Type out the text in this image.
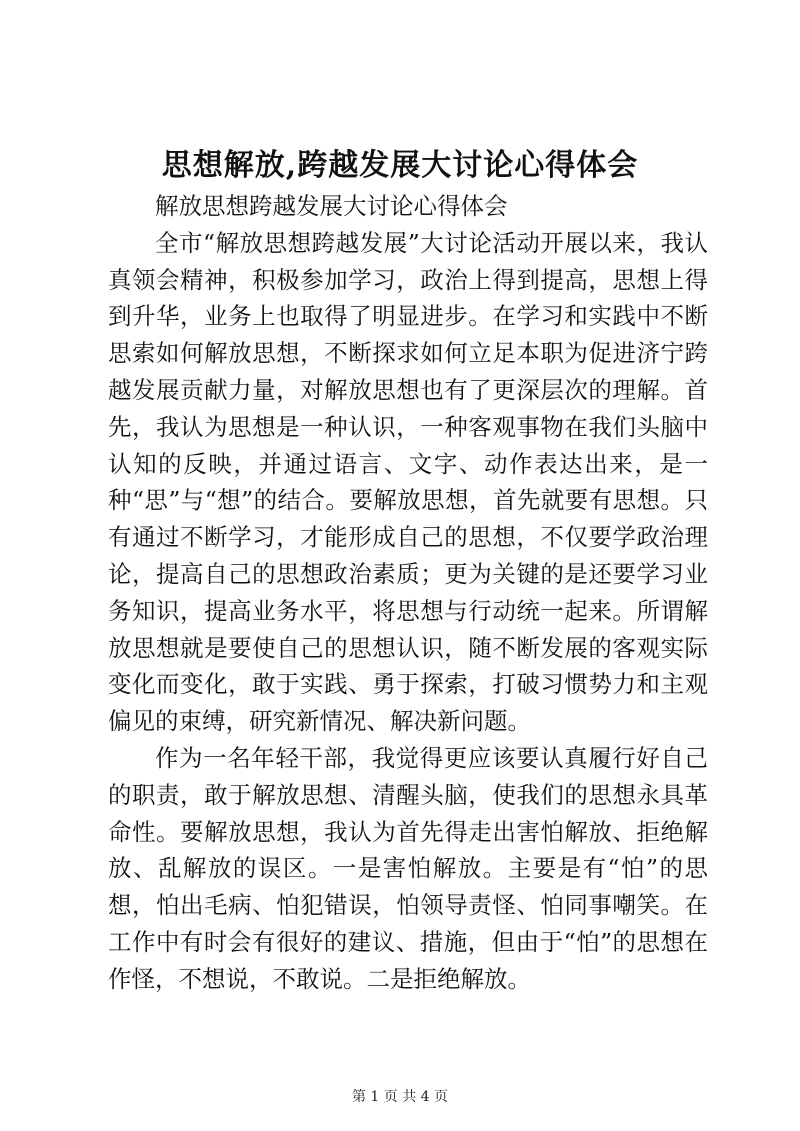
思想解放,跨越发展大讨论心得体会

解放思想跨越发展大讨论心得体会

全市“解放思想跨越发展”大讨论活动开展以来，我认真领会精神，积极参加学习，政治上得到提高，思想上得到升华，业务上也取得了明显进步。在学习和实践中不断思索如何解放思想，不断探求如何立足本职为促进济宁跨越发展贡献力量，对解放思想也有了更深层次的理解。首先，我认为思想是一种认识，一种客观事物在我们头脑中认知的反映，并通过语言、文字、动作表达出来，是一种“思”与“想”的结合。要解放思想，首先就要有思想。只有通过不断学习，才能形成自己的思想，不仅要学政治理论，提高自己的思想政治素质；更为关键的是还要学习业务知识，提高业务水平，将思想与行动统一起来。所谓解放思想就是要使自己的思想认识，随不断发展的客观实际变化而变化，敢于实践、勇于探索，打破习惯势力和主观偏见的束缚，研究新情况、解决新问题。

作为一名年轻干部，我觉得更应该要认真履行好自己的职责，敢于解放思想、清醒头脑，使我们的思想永具革命性。要解放思想，我认为首先得走出害怕解放、拒绝解放、乱解放的误区。一是害怕解放。主要是有“怕”的思想，怕出毛病、怕犯错误，怕领导责怪、怕同事嘲笑。在工作中有时会有很好的建议、措施，但由于“怕”的思想在作怪，不想说，不敢说。二是拒绝解放。

第 1 页 共 4 页
